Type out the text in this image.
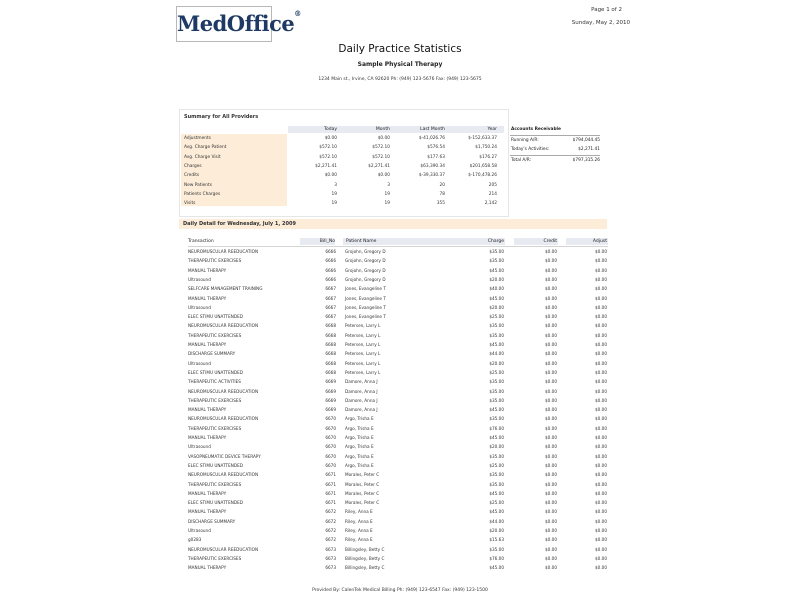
MedOffice®	Page 1 of 2
Sunday, May 2, 2010
Daily Practice Statistics
Sample Physical Therapy
1234 Main st., Irvine, CA 92620 Ph: (949) 123-5676 Fax: (949) 123-5675
Summary for All Providers
Today	Month	Last Month	Year
Adjustments	$0.00	$0.00	$-41,026.76	$-152,633.37
Avg. Charge Patient	$572.10	$572.10	$576.54	$1,750.24
Avg. Charge Visit	$572.10	$572.10	$177.63	$176.27
Charges	$2,271.41	$2,271.41	$63,390.34	$201,658.58
Credits	$0.00	$0.00	$-39,330.37	$-170,478.26
New Patients	3	3	20	205
Patients Charges	19	19	78	214
Visits	19	19	355	2,142
Accounts Receivable
Running A/R:	$794,044.45
Today's Activities:	$2,271.41
Total A/R:	$797,315.26
Daily Detail for Wednesday, July 1, 2009
Transaction	Bill_No Patient Name	Charge	Credit	Adjust
NEUROMUSCULAR REEDUCATION	6666 Grojohn, Gregory D	$35.00	$0.00	$0.00
THERAPEUTIC EXERCISES	6666 Grojohn, Gregory D	$35.00	$0.00	$0.00
MANUAL THERAPY	6666 Grojohn, Gregory D	$45.00	$0.00	$0.00
Ultrasound	6666 Grojohn, Gregory D	$20.00	$0.00	$0.00
SELFCARE MANAGEMENT TRAINING	6667 Jones, Evangeline T	$40.00	$0.00	$0.00
MANUAL THERAPY	6667 Jones, Evangeline T	$45.00	$0.00	$0.00
Ultrasound	6667 Jones, Evangeline T	$20.00	$0.00	$0.00
ELEC STIMU UNATTENDED	6667 Jones, Evangeline T	$25.00	$0.00	$0.00
NEUROMUSCULAR REEDUCATION	6668 Petersen, Larry L	$35.00	$0.00	$0.00
THERAPEUTIC EXERCISES	6668 Petersen, Larry L	$35.00	$0.00	$0.00
MANUAL THERAPY	6668 Petersen, Larry L	$45.00	$0.00	$0.00
DISCHARGE SUMMARY	6668 Petersen, Larry L	$44.00	$0.00	$0.00
Ultrasound	6668 Petersen, Larry L	$20.00	$0.00	$0.00
ELEC STIMU UNATTENDED	6668 Petersen, Larry L	$25.00	$0.00	$0.00
THERAPEUTIC ACTIVITIES	6669 Damore, Anna J	$35.00	$0.00	$0.00
NEUROMUSCULAR REEDUCATION	6669 Damore, Anna J	$35.00	$0.00	$0.00
THERAPEUTIC EXERCISES	6669 Damore, Anna J	$35.00	$0.00	$0.00
MANUAL THERAPY	6669 Damore, Anna J	$45.00	$0.00	$0.00
NEUROMUSCULAR REEDUCATION	6670 Argo, Trisha E	$35.00	$0.00	$0.00
THERAPEUTIC EXERCISES	6670 Argo, Trisha E	$76.00	$0.00	$0.00
MANUAL THERAPY	6670 Argo, Trisha E	$45.00	$0.00	$0.00
Ultrasound	6670 Argo, Trisha E	$20.00	$0.00	$0.00
VASOPNEUMATIC DEVICE THERAPY	6670 Argo, Trisha E	$35.00	$0.00	$0.00
ELEC STIMU UNATTENDED	6670 Argo, Trisha E	$25.00	$0.00	$0.00
NEUROMUSCULAR REEDUCATION	6671 Morales, Peter C	$35.00	$0.00	$0.00
THERAPEUTIC EXERCISES	6671 Morales, Peter C	$35.00	$0.00	$0.00
MANUAL THERAPY	6671 Morales, Peter C	$45.00	$0.00	$0.00
ELEC STIMU UNATTENDED	6671 Morales, Peter C	$25.00	$0.00	$0.00
MANUAL THERAPY	6672 Riley, Anna E	$45.00	$0.00	$0.00
DISCHARGE SUMMARY	6672 Riley, Anna E	$44.00	$0.00	$0.00
Ultrasound	6672 Riley, Anna E	$20.00	$0.00	$0.00
g0283	6672 Riley, Anna E	$15.63	$0.00	$0.00
NEUROMUSCULAR REEDUCATION	6673 Billingsley, Betty C	$35.00	$0.00	$0.00
THERAPEUTIC EXERCISES	6673 Billingsley, Betty C	$76.00	$0.00	$0.00
MANUAL THERAPY	6673 Billingsley, Betty C	$45.00	$0.00	$0.00
Provided By: CalenTek Medical Billing Ph: (949) 123-6547 Fax: (949) 123-1500
